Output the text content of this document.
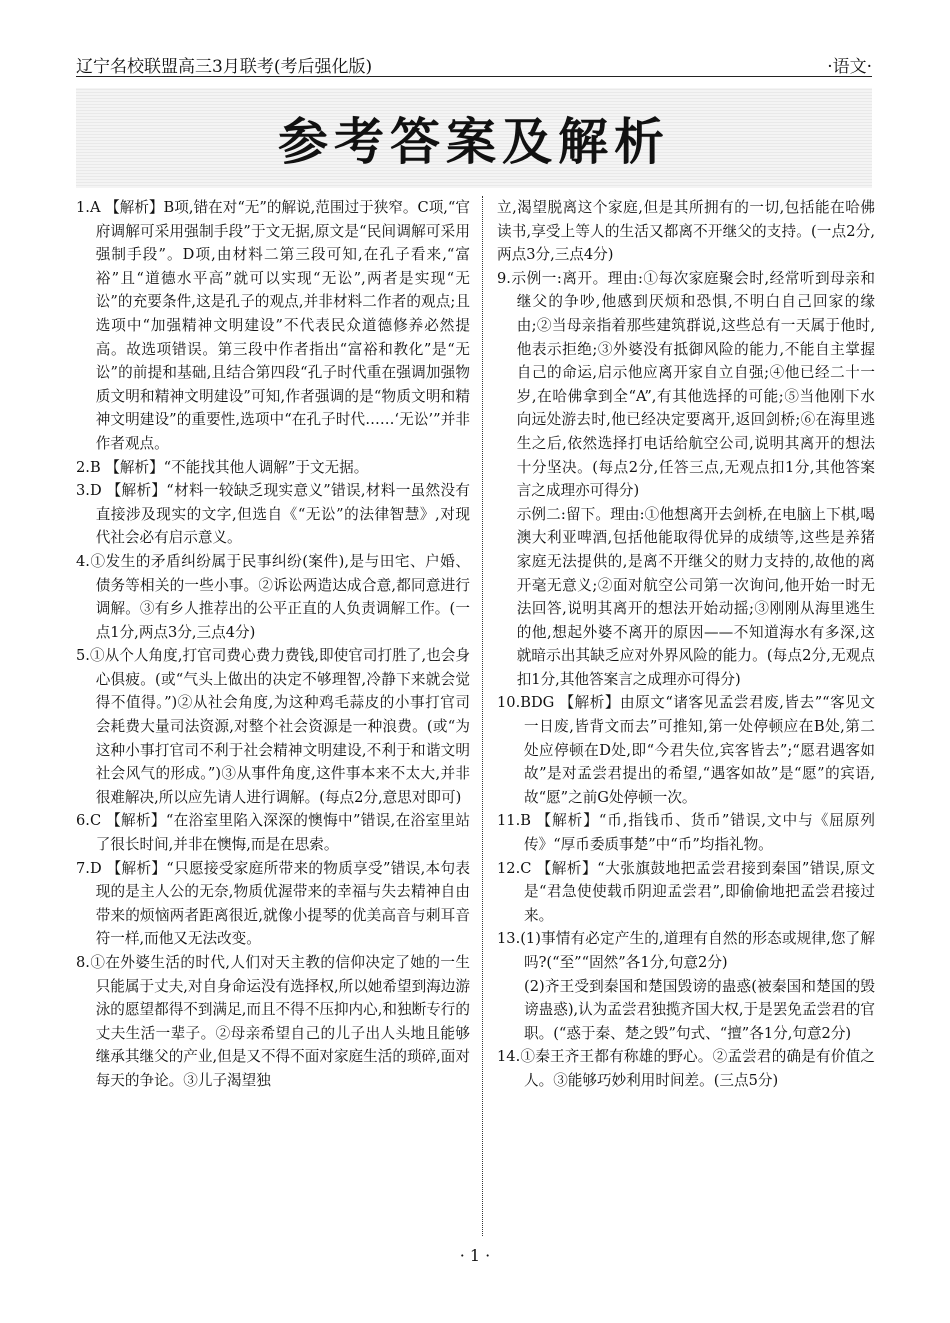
辽宁名校联盟高三3月联考(考后强化版)	·语文·
参考答案及解析

1.A 【解析】B项,错在对“无”的解说,范围过于狭窄。C项,“官府调解可采用强制手段”于文无据,原文是“民间调解可采用强制手段”。D项,由材料二第三段可知,在孔子看来,“富裕”且“道德水平高”就可以实现“无讼”,两者是实现“无讼”的充要条件,这是孔子的观点,并非材料二作者的观点;且选项中“加强精神文明建设”不代表民众道德修养必然提高。故选项错误。第三段中作者指出“富裕和教化”是“无讼”的前提和基础,且结合第四段“孔子时代重在强调加强物质文明和精神文明建设”可知,作者强调的是“物质文明和精神文明建设”的重要性,选项中“在孔子时代……‘无讼’”并非作者观点。

2.B 【解析】“不能找其他人调解”于文无据。

3.D 【解析】“材料一较缺乏现实意义”错误,材料一虽然没有直接涉及现实的文字,但选自《“无讼”的法律智慧》,对现代社会必有启示意义。

4.①发生的矛盾纠纷属于民事纠纷(案件),是与田宅、户婚、债务等相关的一些小事。②诉讼两造达成合意,都同意进行调解。③有乡人推荐出的公平正直的人负责调解工作。(一点1分,两点3分,三点4分)

5.①从个人角度,打官司费心费力费钱,即使官司打胜了,也会身心俱疲。(或“气头上做出的决定不够理智,冷静下来就会觉得不值得。”)②从社会角度,为这种鸡毛蒜皮的小事打官司会耗费大量司法资源,对整个社会资源是一种浪费。(或“为这种小事打官司不利于社会精神文明建设,不利于和谐文明社会风气的形成。”)③从事件角度,这件事本来不太大,并非很难解决,所以应先请人进行调解。(每点2分,意思对即可)

6.C 【解析】“在浴室里陷入深深的懊悔中”错误,在浴室里站了很长时间,并非在懊悔,而是在思索。

7.D 【解析】“只愿接受家庭所带来的物质享受”错误,本句表现的是主人公的无奈,物质优渥带来的幸福与失去精神自由带来的烦恼两者距离很近,就像小提琴的优美高音与刺耳音符一样,而他又无法改变。

8.①在外婆生活的时代,人们对天主教的信仰决定了她的一生只能属于丈夫,对自身命运没有选择权,所以她希望到海边游泳的愿望都得不到满足,而且不得不压抑内心,和独断专行的丈夫生活一辈子。②母亲希望自己的儿子出人头地且能够继承其继父的产业,但是又不得不面对家庭生活的琐碎,面对每天的争论。③儿子渴望独

立,渴望脱离这个家庭,但是其所拥有的一切,包括能在哈佛读书,享受上等人的生活又都离不开继父的支持。(一点2分,两点3分,三点4分)

9.示例一:离开。理由:①每次家庭聚会时,经常听到母亲和继父的争吵,他感到厌烦和恐惧,不明白自己回家的缘由;②当母亲指着那些建筑群说,这些总有一天属于他时,他表示拒绝;③外婆没有抵御风险的能力,不能自主掌握自己的命运,启示他应离开家自立自强;④他已经二十一岁,在哈佛拿到全“A”,有其他选择的可能;⑤当他刚下水向远处游去时,他已经决定要离开,返回剑桥;⑥在海里逃生之后,依然选择打电话给航空公司,说明其离开的想法十分坚决。(每点2分,任答三点,无观点扣1分,其他答案言之成理亦可得分)

示例二:留下。理由:①他想离开去剑桥,在电脑上下棋,喝澳大利亚啤酒,包括他能取得优异的成绩等,这些是养猪家庭无法提供的,是离不开继父的财力支持的,故他的离开毫无意义;②面对航空公司第一次询问,他开始一时无法回答,说明其离开的想法开始动摇;③刚刚从海里逃生的他,想起外婆不离开的原因——不知道海水有多深,这就暗示出其缺乏应对外界风险的能力。(每点2分,无观点扣1分,其他答案言之成理亦可得分)

10.BDG 【解析】由原文“诸客见孟尝君废,皆去”“客见文一日废,皆背文而去”可推知,第一处停顿应在B处,第二处应停顿在D处,即“今君失位,宾客皆去”;“愿君遇客如故”是对孟尝君提出的希望,“遇客如故”是“愿”的宾语,故“愿”之前G处停顿一次。

11.B 【解析】“币,指钱币、货币”错误,文中与《屈原列传》“厚币委质事楚”中“币”均指礼物。

12.C 【解析】“大张旗鼓地把孟尝君接到秦国”错误,原文是“君急使使载币阴迎孟尝君”,即偷偷地把孟尝君接过来。

13.(1)事情有必定产生的,道理有自然的形态或规律,您了解吗?(“至”“固然”各1分,句意2分)

(2)齐王受到秦国和楚国毁谤的蛊惑(被秦国和楚国的毁谤蛊惑),认为孟尝君独揽齐国大权,于是罢免孟尝君的官职。(“惑于秦、楚之毁”句式、“擅”各1分,句意2分)

14.①秦王齐王都有称雄的野心。②孟尝君的确是有价值之人。③能够巧妙利用时间差。(三点5分)

· 1 ·
